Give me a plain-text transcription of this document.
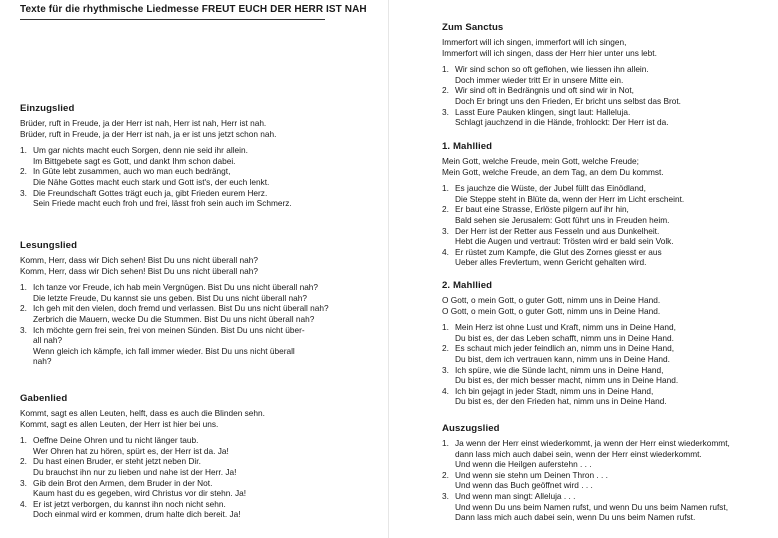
Texte für die rhythmische Liedmesse FREUT EUCH DER HERR IST NAH
Einzugslied
Brüder, ruft in Freude, ja der Herr ist nah, Herr ist nah, Herr ist nah.
Brüder, ruft in Freude, ja der Herr ist nah, ja er ist uns jetzt schon nah.
1. Um gar nichts macht euch Sorgen, denn nie seid ihr allein.
Im Bittgebete sagt es Gott, und dankt Ihm schon dabei.
2. In Güte lebt zusammen, auch wo man euch bedrängt,
Die Nähe Gottes macht euch stark und Gott ist's, der euch lenkt.
3. Die Freundschaft Gottes trägt euch ja, gibt Frieden eurem Herz.
Sein Friede macht euch froh und frei, lässt froh sein auch im Schmerz.
Lesungslied
Komm, Herr, dass wir Dich sehen! Bist Du uns nicht überall nah?
Komm, Herr, dass wir Dich sehen! Bist Du uns nicht überall nah?
1. Ich tanze vor Freude, ich hab mein Vergnügen. Bist Du uns nicht überall nah?
Die letzte Freude, Du kannst sie uns geben. Bist Du uns nicht überall nah?
2. Ich geh mit den vielen, doch fremd und verlassen. Bist Du uns nicht überall nah?
Zerbrich die Mauern, wecke Du die Stummen. Bist Du uns nicht überall nah?
3. Ich möchte gern frei sein, frei von meinen Sünden. Bist Du uns nicht über-
all nah?
Wenn gleich ich kämpfe, ich fall immer wieder. Bist Du uns nicht überall
nah?
Gabenlied
Kommt, sagt es allen Leuten, helft, dass es auch die Blinden sehn.
Kommt, sagt es allen Leuten, der Herr ist hier bei uns.
1. Oeffne Deine Ohren und tu nicht länger taub.
Wer Ohren hat zu hören, spürt es, der Herr ist da. Ja!
2. Du hast einen Bruder, er steht jetzt neben Dir.
Du brauchst ihn nur zu lieben und nahe ist der Herr. Ja!
3. Gib dein Brot den Armen, dem Bruder in der Not.
Kaum hast du es gegeben, wird Christus vor dir stehn. Ja!
4. Er ist jetzt verborgen, du kannst ihn noch nicht sehn.
Doch einmal wird er kommen, drum halte dich bereit. Ja!
Zum Sanctus
Immerfort will ich singen, immerfort will ich singen,
Immerfort will ich singen, dass der Herr hier unter uns lebt.
1. Wir sind schon so oft geflohen, wie liessen ihn allein.
Doch immer wieder tritt Er in unsere Mitte ein.
2. Wir sind oft in Bedrängnis und oft sind wir in Not,
Doch Er bringt uns den Frieden, Er bricht uns selbst das Brot.
3. Lasst Eure Pauken klingen, singt laut: Halleluja.
Schlagt jauchzend in die Hände, frohlockt: Der Herr ist da.
1. Mahllied
Mein Gott, welche Freude, mein Gott, welche Freude;
Mein Gott, welche Freude, an dem Tag, an dem Du kommst.
1. Es jauchze die Wüste, der Jubel füllt das Einödland,
Die Steppe steht in Blüte da, wenn der Herr im Licht erscheint.
2. Er baut eine Strasse, Erlöste pilgern auf ihr hin,
Bald sehen sie Jerusalem: Gott führt uns in Freuden heim.
3. Der Herr ist der Retter aus Fesseln und aus Dunkelheit.
Hebt die Augen und vertraut: Trösten wird er bald sein Volk.
4. Er rüstet zum Kampfe, die Glut des Zornes giesst er aus
Ueber alles Frevlertum, wenn Gericht gehalten wird.
2. Mahllied
O Gott, o mein Gott, o guter Gott, nimm uns in Deine Hand.
O Gott, o mein Gott, o guter Gott, nimm uns in Deine Hand.
1. Mein Herz ist ohne Lust und Kraft, nimm uns in Deine Hand,
Du bist es, der das Leben schafft, nimm uns in Deine Hand.
2. Es schaut mich jeder feindlich an, nimm uns in Deine Hand,
Du bist, dem ich vertrauen kann, nimm uns in Deine Hand.
3. Ich spüre, wie die Sünde lacht, nimm uns in Deine Hand,
Du bist es, der mich besser macht, nimm uns in Deine Hand.
4. Ich bin gejagt in jeder Stadt, nimm uns in Deine Hand,
Du bist es, der den Frieden hat, nimm uns in Deine Hand.
Auszugslied
1. Ja wenn der Herr einst wiederkommt, ja wenn der Herr einst wiederkommt,
dann lass mich auch dabei sein, wenn der Herr einst wiederkommt.
Und wenn die Heilgen auferstehn . . .
2. Und wenn sie stehn um Deinen Thron . . .
Und wenn das Buch geöffnet wird . . .
3. Und wenn man singt: Alleluja . . .
Und wenn Du uns beim Namen rufst, und wenn Du uns beim Namen rufst,
Dann lass mich auch dabei sein, wenn Du uns beim Namen rufst.
